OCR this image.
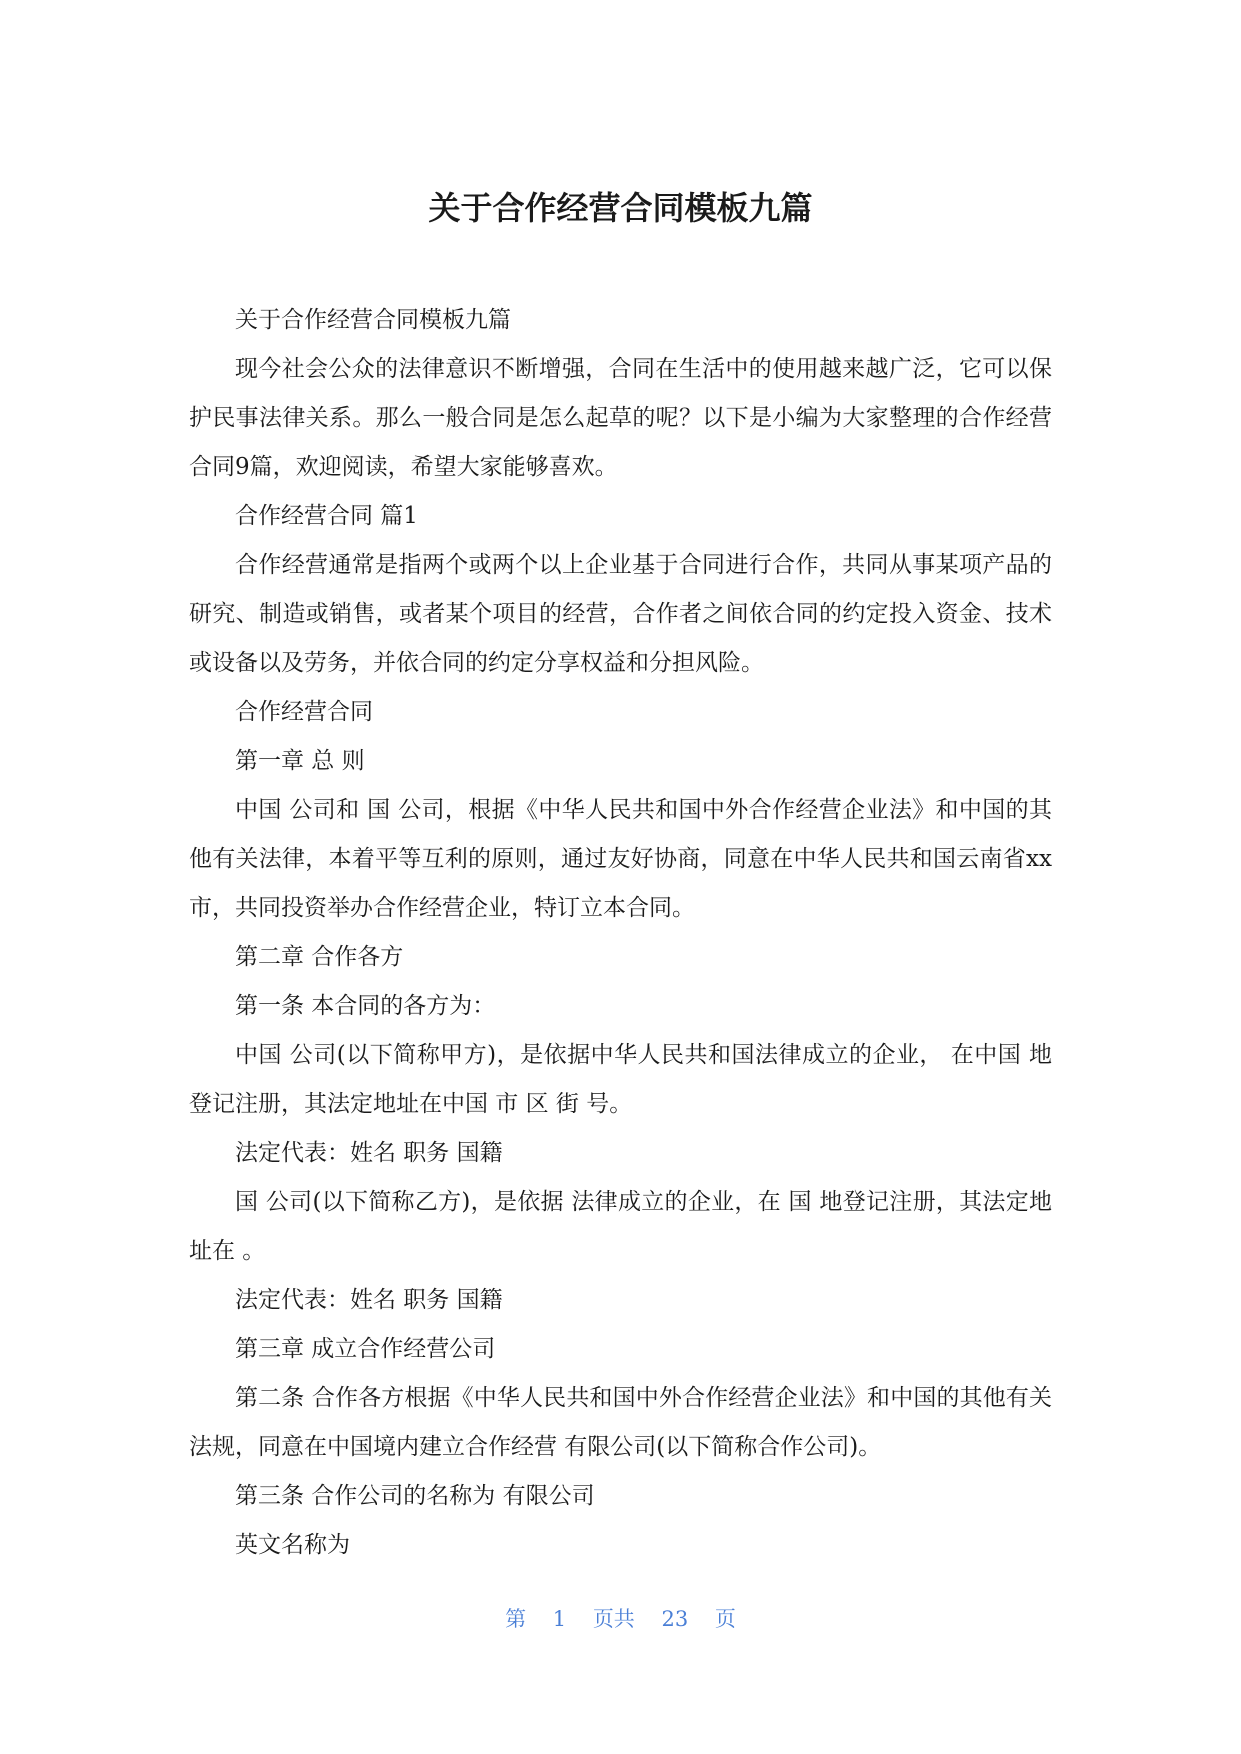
关于合作经营合同模板九篇

关于合作经营合同模板九篇

现今社会公众的法律意识不断增强，合同在生活中的使用越来越广泛，它可以保护民事法律关系。那么一般合同是怎么起草的呢？以下是小编为大家整理的合作经营合同9篇，欢迎阅读，希望大家能够喜欢。

合作经营合同 篇1

合作经营通常是指两个或两个以上企业基于合同进行合作，共同从事某项产品的研究、制造或销售，或者某个项目的经营，合作者之间依合同的约定投入资金、技术或设备以及劳务，并依合同的约定分享权益和分担风险。

合作经营合同

第一章 总 则

中国 公司和 国 公司，根据《中华人民共和国中外合作经营企业法》和中国的其他有关法律，本着平等互利的原则，通过友好协商，同意在中华人民共和国云南省xx市，共同投资举办合作经营企业，特订立本合同。

第二章 合作各方

第一条 本合同的各方为：

中国 公司(以下简称甲方)，是依据中华人民共和国法律成立的企业， 在中国 地登记注册，其法定地址在中国 市 区 街 号。

法定代表：姓名 职务 国籍

国 公司(以下简称乙方)，是依据 法律成立的企业，在 国 地登记注册，其法定地址在 。

法定代表：姓名 职务 国籍

第三章 成立合作经营公司

第二条 合作各方根据《中华人民共和国中外合作经营企业法》和中国的其他有关法规，同意在中国境内建立合作经营 有限公司(以下简称合作公司)。

第三条 合作公司的名称为 有限公司

英文名称为

第 1 页共 23 页
